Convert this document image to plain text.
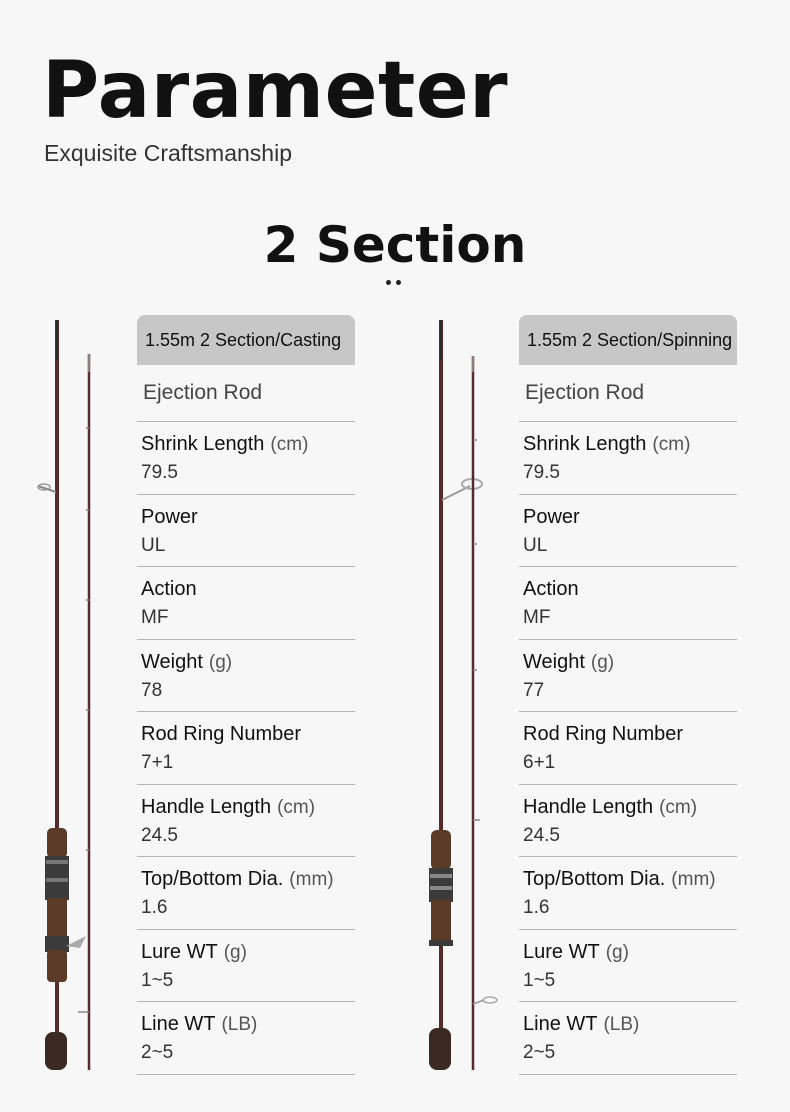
Parameter
Exquisite Craftsmanship
2 Section
1.55m 2 Section/Casting
Ejection Rod
Shrink Length (cm)
79.5
Power
UL
Action
MF
Weight (g)
78
Rod Ring Number
7+1
Handle Length (cm)
24.5
Top/Bottom Dia. (mm)
1.6
Lure WT (g)
1~5
Line WT (LB)
2~5
1.55m 2 Section/Spinning
Ejection Rod
Shrink Length (cm)
79.5
Power
UL
Action
MF
Weight (g)
77
Rod Ring Number
6+1
Handle Length (cm)
24.5
Top/Bottom Dia. (mm)
1.6
Lure WT (g)
1~5
Line WT (LB)
2~5
